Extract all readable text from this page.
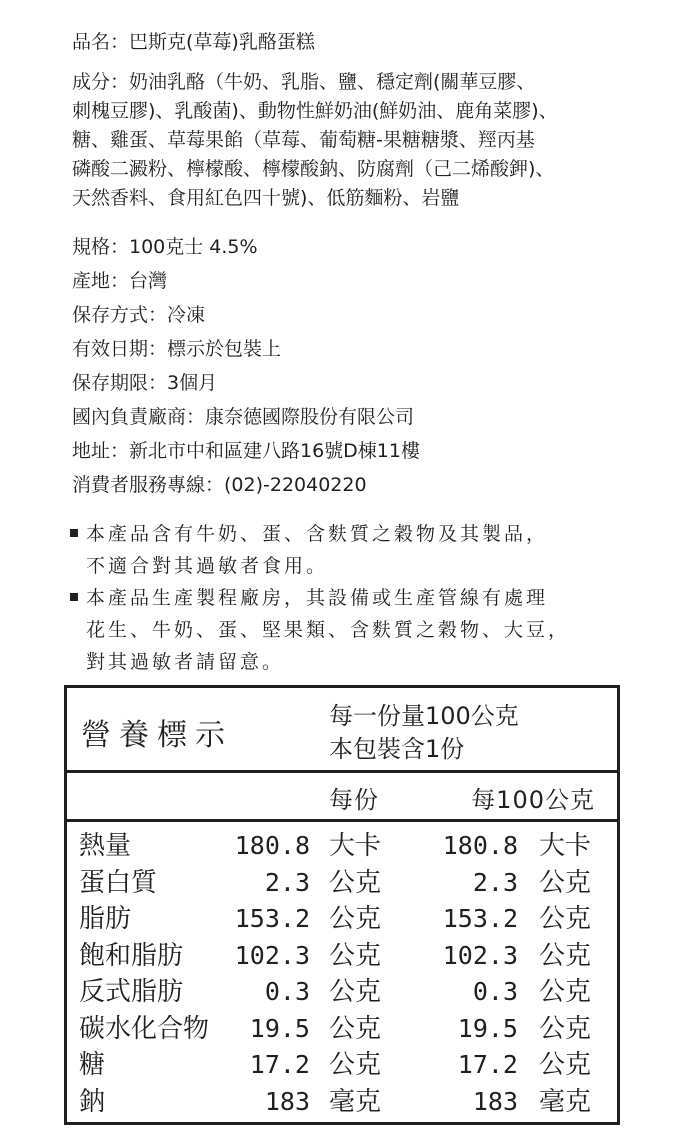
品名：巴斯克(草莓)乳酪蛋糕
成分：奶油乳酪（牛奶、乳脂、鹽、穩定劑(關華豆膠、
刺槐豆膠)、乳酸菌)、動物性鮮奶油(鮮奶油、鹿角菜膠)、
糖、雞蛋、草莓果餡（草莓、葡萄糖-果糖糖漿、羥丙基
磷酸二澱粉、檸檬酸、檸檬酸鈉、防腐劑（己二烯酸鉀)、
天然香料、食用紅色四十號)、低筋麵粉、岩鹽
規格：100克士 4.5%
產地：台灣
保存方式：冷凍
有效日期：標示於包裝上
保存期限：3個月
國內負責廠商：康奈德國際股份有限公司
地址：新北市中和區建八路16號D棟11樓
消費者服務專線：(02)-22040220
本產品含有牛奶、蛋、含麩質之穀物及其製品，
不適合對其過敏者食用。
本產品生產製程廠房，其設備或生產管線有處理
花生、牛奶、蛋、堅果類、含麩質之穀物、大豆，
對其過敏者請留意。
營養標示
每一份量100公克
本包裝含1份
每份	每100公克
熱量	180.8 大卡 180.8 大卡
蛋白質	2.3 公克	2.3 公克
脂肪	153.2 公克 153.2 公克
飽和脂肪 102.3 公克 102.3 公克
反式脂肪	0.3 公克	0.3 公克
碳水化合物 19.5 公克	19.5 公克
糖	17.2 公克	17.2 公克
鈉	183 毫克	183 毫克
